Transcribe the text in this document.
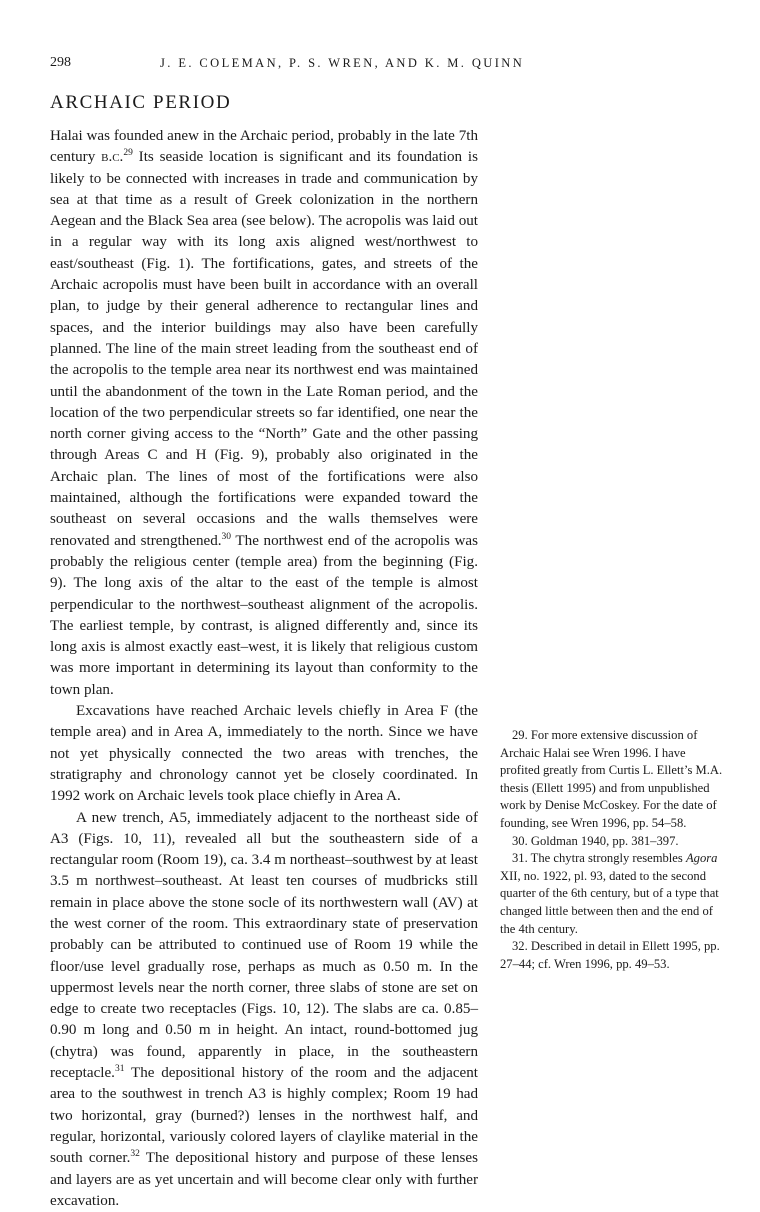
298	J. E. COLEMAN, P. S. WREN, AND K. M. QUINN
ARCHAIC PERIOD

Halai was founded anew in the Archaic period, probably in the late 7th century b.c.$^{29}$ Its seaside location is significant and its foundation is likely to be connected with increases in trade and communication by sea at that time as a result of Greek colonization in the northern Aegean and the Black Sea area (see below). The acropolis was laid out in a regular way with its long axis aligned west/northwest to east/southeast (Fig. 1). The fortifications, gates, and streets of the Archaic acropolis must have been built in accordance with an overall plan, to judge by their general adherence to rectangular lines and spaces, and the interior buildings may also have been carefully planned. The line of the main street leading from the southeast end of the acropolis to the temple area near its northwest end was maintained until the abandonment of the town in the Late Roman period, and the location of the two perpendicular streets so far identified, one near the north corner giving access to the “North” Gate and the other passing through Areas C and H (Fig. 9), probably also originated in the Archaic plan. The lines of most of the fortifications were also maintained, although the fortifications were expanded toward the southeast on several occasions and the walls themselves were renovated and strengthened.$^{30}$ The northwest end of the acropolis was probably the religious center (temple area) from the beginning (Fig. 9). The long axis of the altar to the east of the temple is almost perpendicular to the northwest–southeast alignment of the acropolis. The earliest temple, by contrast, is aligned differently and, since its long axis is almost exactly east–west, it is likely that religious custom was more important in determining its layout than conformity to the town plan.

Excavations have reached Archaic levels chiefly in Area F (the temple area) and in Area A, immediately to the north. Since we have not yet physically connected the two areas with trenches, the stratigraphy and chronology cannot yet be closely coordinated. In 1992 work on Archaic levels took place chiefly in Area A.

A new trench, A5, immediately adjacent to the northeast side of A3 (Figs. 10, 11), revealed all but the southeastern side of a rectangular room (Room 19), ca. 3.4 m northeast–southwest by at least 3.5 m northwest–southeast. At least ten courses of mudbricks still remain in place above the stone socle of its northwestern wall (AV) at the west corner of the room. This extraordinary state of preservation probably can be attributed to continued use of Room 19 while the floor/use level gradually rose, perhaps as much as 0.50 m. In the uppermost levels near the north corner, three slabs of stone are set on edge to create two receptacles (Figs. 10, 12). The slabs are ca. 0.85–0.90 m long and 0.50 m in height. An intact, round-bottomed jug (chytra) was found, apparently in place, in the southeastern receptacle.$^{31}$ The depositional history of the room and the adjacent area to the southwest in trench A3 is highly complex; Room 19 had two horizontal, gray (burned?) lenses in the northwest half, and regular, horizontal, variously colored layers of claylike material in the south corner.$^{32}$ The depositional history and purpose of these lenses and layers are as yet uncertain and will become clear only with further excavation.

29. For more extensive discussion of Archaic Halai see Wren 1996. I have profited greatly from Curtis L. Ellett’s M.A. thesis (Ellett 1995) and from unpublished work by Denise McCoskey. For the date of founding, see Wren 1996, pp. 54–58.

30. Goldman 1940, pp. 381–397.

31. The chytra strongly resembles Agora XII, no. 1922, pl. 93, dated to the second quarter of the 6th century, but of a type that changed little between then and the end of the 4th century.

32. Described in detail in Ellett 1995, pp. 27–44; cf. Wren 1996, pp. 49–53.
